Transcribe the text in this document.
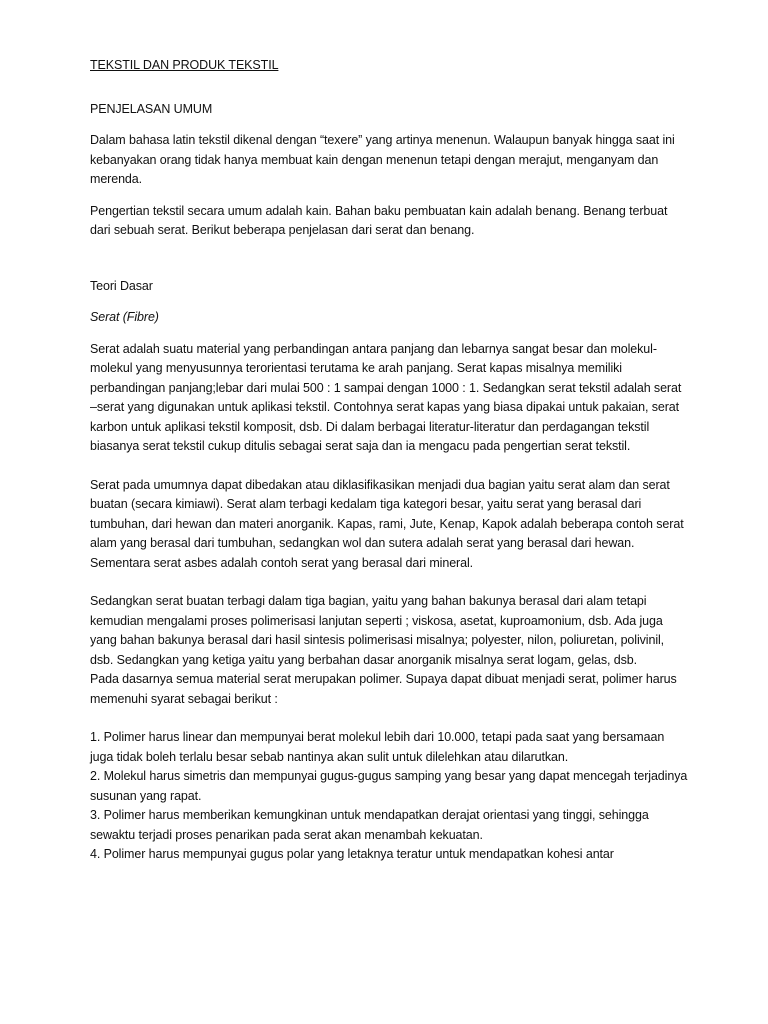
TEKSTIL DAN PRODUK TEKSTIL

PENJELASAN UMUM

Dalam bahasa latin tekstil dikenal dengan “texere” yang artinya menenun. Walaupun banyak hingga saat ini kebanyakan orang tidak hanya membuat kain dengan menenun tetapi dengan merajut, menganyam dan merenda.

Pengertian tekstil secara umum adalah kain. Bahan baku pembuatan kain adalah benang. Benang terbuat dari sebuah serat. Berikut beberapa penjelasan dari serat dan benang.

Teori Dasar

Serat (Fibre)

Serat adalah suatu material yang perbandingan antara panjang dan lebarnya sangat besar dan molekul-molekul yang menyusunnya terorientasi terutama ke arah panjang. Serat kapas misalnya memiliki perbandingan panjang;lebar dari mulai 500 : 1 sampai dengan 1000 : 1. Sedangkan serat tekstil adalah serat –serat yang digunakan untuk aplikasi tekstil. Contohnya serat kapas yang biasa dipakai untuk pakaian, serat karbon untuk aplikasi tekstil komposit, dsb. Di dalam berbagai literatur-literatur dan perdagangan tekstil biasanya serat tekstil cukup ditulis sebagai serat saja dan ia mengacu pada pengertian serat tekstil.

Serat pada umumnya dapat dibedakan atau diklasifikasikan menjadi dua bagian yaitu serat alam dan serat buatan (secara kimiawi). Serat alam terbagi kedalam tiga kategori besar, yaitu serat yang berasal dari tumbuhan, dari hewan dan materi anorganik. Kapas, rami, Jute, Kenap, Kapok adalah beberapa contoh serat alam yang berasal dari tumbuhan, sedangkan wol dan sutera adalah serat yang berasal dari hewan. Sementara serat asbes adalah contoh serat yang berasal dari mineral.

Sedangkan serat buatan terbagi dalam tiga bagian, yaitu yang bahan bakunya berasal dari alam tetapi kemudian mengalami proses polimerisasi lanjutan seperti ; viskosa, asetat, kuproamonium, dsb. Ada juga yang bahan bakunya berasal dari hasil sintesis polimerisasi misalnya; polyester, nilon, poliuretan, polivinil, dsb. Sedangkan yang ketiga yaitu yang berbahan dasar anorganik misalnya serat logam, gelas, dsb.

Pada dasarnya semua material serat merupakan polimer. Supaya dapat dibuat menjadi serat, polimer harus memenuhi syarat sebagai berikut :

1. Polimer harus linear dan mempunyai berat molekul lebih dari 10.000, tetapi pada saat yang bersamaan juga tidak boleh terlalu besar sebab nantinya akan sulit untuk dilelehkan atau dilarutkan.

2. Molekul harus simetris dan mempunyai gugus-gugus samping yang besar yang dapat mencegah terjadinya susunan yang rapat.

3. Polimer harus memberikan kemungkinan untuk mendapatkan derajat orientasi yang tinggi, sehingga sewaktu terjadi proses penarikan pada serat akan menambah kekuatan.

4. Polimer harus mempunyai gugus polar yang letaknya teratur untuk mendapatkan kohesi antar
